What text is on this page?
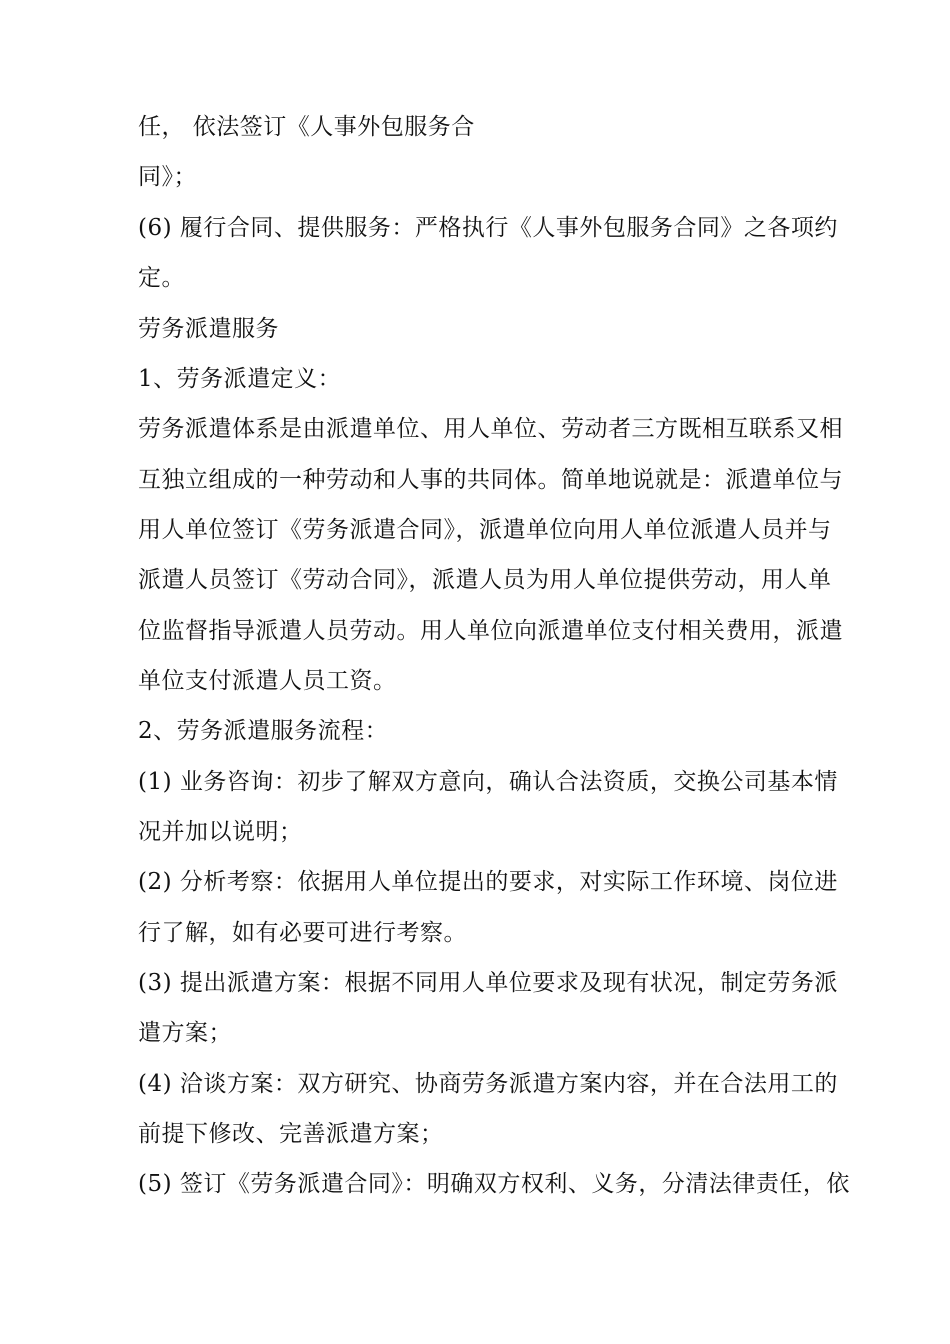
任， 依法签订《人事外包服务合
同》；
(6) 履行合同、提供服务：严格执行《人事外包服务合同》之各项约
定。
劳务派遣服务
1、劳务派遣定义：
劳务派遣体系是由派遣单位、用人单位、劳动者三方既相互联系又相
互独立组成的一种劳动和人事的共同体。简单地说就是：派遣单位与
用人单位签订《劳务派遣合同》，派遣单位向用人单位派遣人员并与
派遣人员签订《劳动合同》，派遣人员为用人单位提供劳动，用人单
位监督指导派遣人员劳动。用人单位向派遣单位支付相关费用，派遣
单位支付派遣人员工资。
2、劳务派遣服务流程：
(1) 业务咨询：初步了解双方意向，确认合法资质，交换公司基本情
况并加以说明；
(2) 分析考察：依据用人单位提出的要求，对实际工作环境、岗位进
行了解，如有必要可进行考察。
(3) 提出派遣方案：根据不同用人单位要求及现有状况，制定劳务派
遣方案；
(4) 洽谈方案：双方研究、协商劳务派遣方案内容，并在合法用工的
前提下修改、完善派遣方案；
(5) 签订《劳务派遣合同》：明确双方权利、义务，分清法律责任，依
